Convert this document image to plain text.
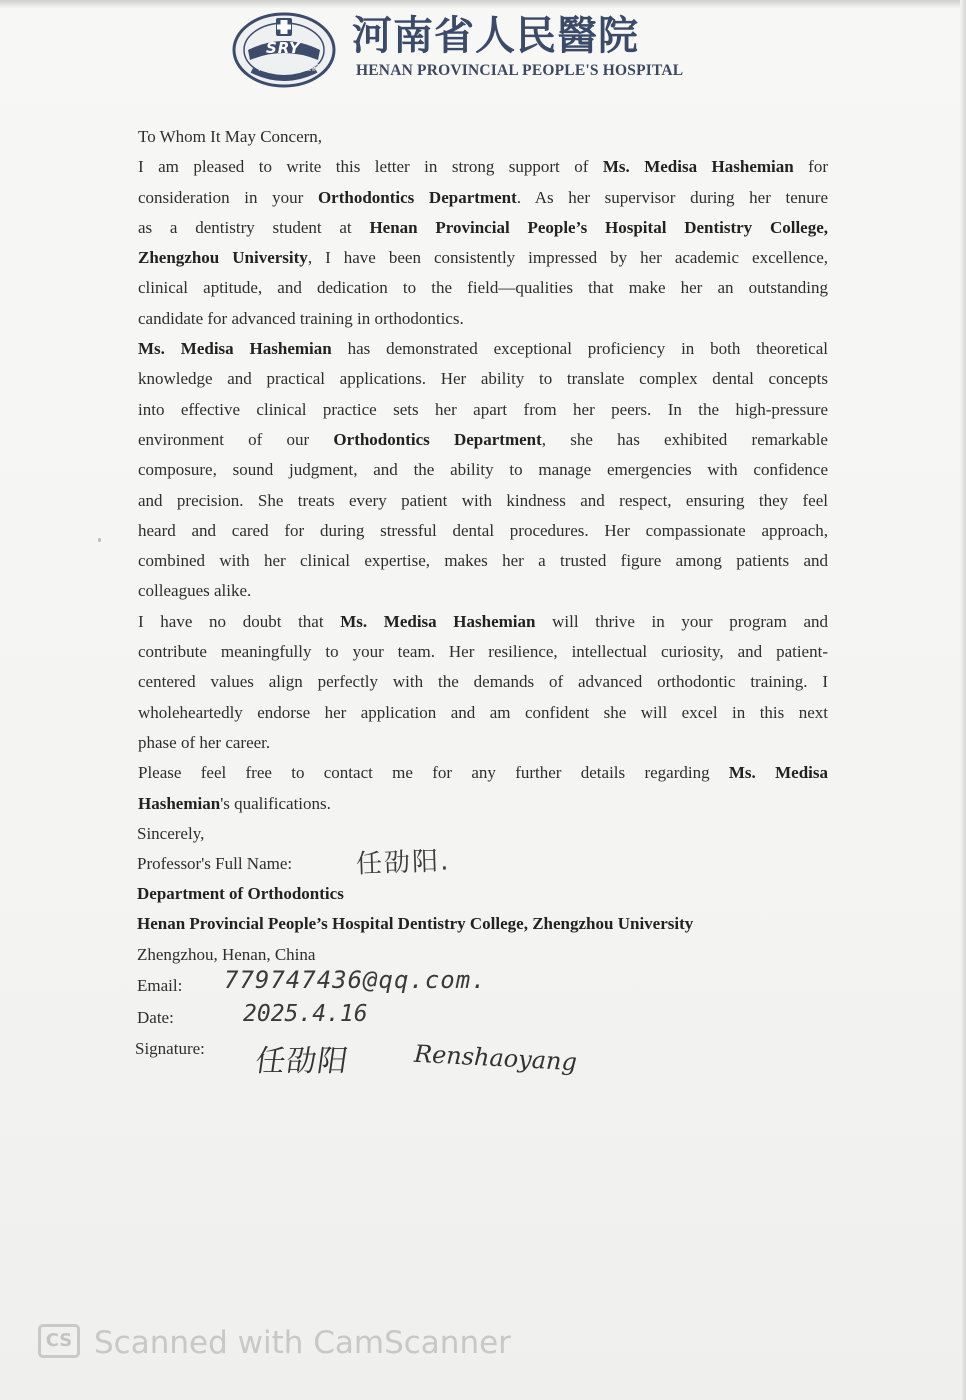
河南省人民医院
SRY 河南省人民醫院
HENAN PROVINCIAL PEOPLE'S HOSPITAL
To Whom It May Concern,
I am pleased to write this letter in strong support of Ms. Medisa Hashemian for
consideration in your Orthodontics Department. As her supervisor during her tenure
as a dentistry student at Henan Provincial People’s Hospital Dentistry College,
Zhengzhou University, I have been consistently impressed by her academic excellence,
clinical aptitude, and dedication to the field—qualities that make her an outstanding
candidate for advanced training in orthodontics.
Ms. Medisa Hashemian has demonstrated exceptional proficiency in both theoretical
knowledge and practical applications. Her ability to translate complex dental concepts
into effective clinical practice sets her apart from her peers. In the high-pressure
environment of our Orthodontics Department, she has exhibited remarkable
composure, sound judgment, and the ability to manage emergencies with confidence
and precision. She treats every patient with kindness and respect, ensuring they feel
heard and cared for during stressful dental procedures. Her compassionate approach,
combined with her clinical expertise, makes her a trusted figure among patients and
colleagues alike.
I have no doubt that Ms. Medisa Hashemian will thrive in your program and
contribute meaningfully to your team. Her resilience, intellectual curiosity, and patient-
centered values align perfectly with the demands of advanced orthodontic training. I
wholeheartedly endorse her application and am confident she will excel in this next
phase of her career.
Please feel free to contact me for any further details regarding Ms. Medisa
Hashemian's qualifications.
Sincerely,
Professor's Full Name: 任劭阳.
Department of Orthodontics
Henan Provincial People’s Hospital Dentistry College, Zhengzhou University
Zhengzhou, Henan, China
Email: 779747436@qq.com.
Date:	2025.4.16
Signature: 任劭阳	Renshaoyang
CS Scanned with CamScanner
